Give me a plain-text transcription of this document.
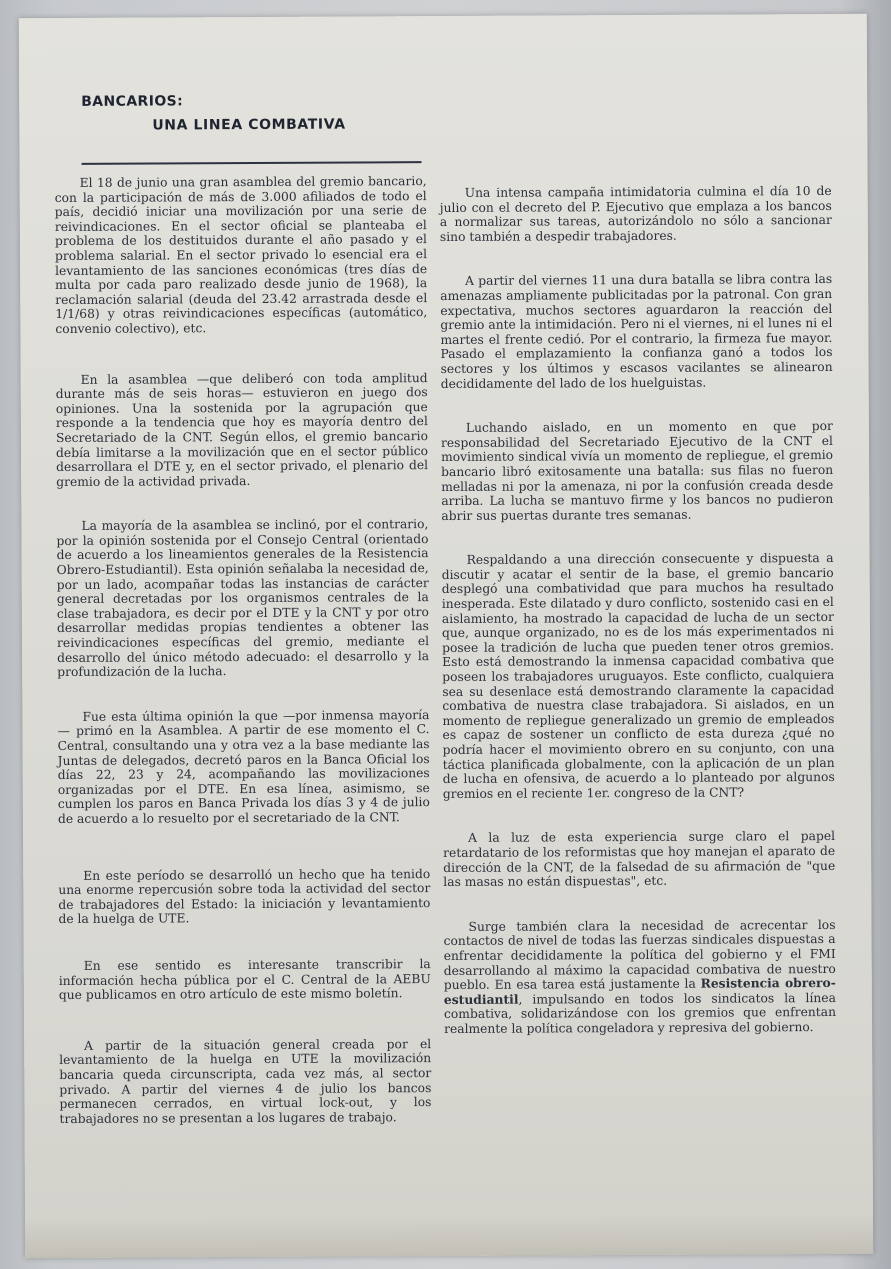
BANCARIOS:
UNA LINEA COMBATIVA

El 18 de junio una gran asamblea del gremio bancario, con la participación de más de 3.000 afiliados de todo el país, decidió iniciar una movilización por una serie de reivindicaciones. En el sector oficial se planteaba el problema de los destituidos durante el año pasado y el problema salarial. En el sector privado lo esencial era el levantamiento de las sanciones económicas (tres días de multa por cada paro realizado desde junio de 1968), la reclamación salarial (deuda del 23.42 arrastrada desde el 1/1/68) y otras reivindicaciones específicas (automático, convenio colectivo), etc.

En la asamblea —que deliberó con toda amplitud durante más de seis horas— estuvieron en juego dos opiniones. Una la sostenida por la agrupación que responde a la tendencia que hoy es mayoría dentro del Secretariado de la CNT. Según ellos, el gremio bancario debía limitarse a la movilización que en el sector público desarrollara el DTE y, en el sector privado, el plenario del gremio de la actividad privada.

La mayoría de la asamblea se inclinó, por el contrario, por la opinión sostenida por el Consejo Central (orientado de acuerdo a los lineamientos generales de la Resistencia Obrero-Estudiantil). Esta opinión señalaba la necesidad de, por un lado, acompañar todas las instancias de carácter general decretadas por los organismos centrales de la clase trabajadora, es decir por el DTE y la CNT y por otro desarrollar medidas propias tendientes a obtener las reivindicaciones específicas del gremio, mediante el desarrollo del único método adecuado: el desarrollo y la profundización de la lucha.

Fue esta última opinión la que —por inmensa mayoría— primó en la Asamblea. A partir de ese momento el C. Central, consultando una y otra vez a la base mediante las Juntas de delegados, decretó paros en la Banca Oficial los días 22, 23 y 24, acompañando las movilizaciones organizadas por el DTE. En esa línea, asimismo, se cumplen los paros en Banca Privada los días 3 y 4 de julio de acuerdo a lo resuelto por el secretariado de la CNT.

En este período se desarrolló un hecho que ha tenido una enorme repercusión sobre toda la actividad del sector de trabajadores del Estado: la iniciación y levantamiento de la huelga de UTE.

En ese sentido es interesante transcribir la información hecha pública por el C. Central de la AEBU que publicamos en otro artículo de este mismo boletín.

A partir de la situación general creada por el levantamiento de la huelga en UTE la movilización bancaria queda circunscripta, cada vez más, al sector privado. A partir del viernes 4 de julio los bancos permanecen cerrados, en virtual lock-out, y los trabajadores no se presentan a los lugares de trabajo.

Una intensa campaña intimidatoria culmina el día 10 de julio con el decreto del P. Ejecutivo que emplaza a los bancos a normalizar sus tareas, autorizándolo no sólo a sancionar sino también a despedir trabajadores.

A partir del viernes 11 una dura batalla se libra contra las amenazas ampliamente publicitadas por la patronal. Con gran expectativa, muchos sectores aguardaron la reacción del gremio ante la intimidación. Pero ni el viernes, ni el lunes ni el martes el frente cedió. Por el contrario, la firmeza fue mayor. Pasado el emplazamiento la confianza ganó a todos los sectores y los últimos y escasos vacilantes se alinearon decididamente del lado de los huelguistas.

Luchando aislado, en un momento en que por responsabilidad del Secretariado Ejecutivo de la CNT el movimiento sindical vivía un momento de repliegue, el gremio bancario libró exitosamente una batalla: sus filas no fueron melladas ni por la amenaza, ni por la confusión creada desde arriba. La lucha se mantuvo firme y los bancos no pudieron abrir sus puertas durante tres semanas.

Respaldando a una dirección consecuente y dispuesta a discutir y acatar el sentir de la base, el gremio bancario desplegó una combatividad que para muchos ha resultado inesperada. Este dilatado y duro conflicto, sostenido casi en el aislamiento, ha mostrado la capacidad de lucha de un sector que, aunque organizado, no es de los más experimentados ni posee la tradición de lucha que pueden tener otros gremios. Esto está demostrando la inmensa capacidad combativa que poseen los trabajadores uruguayos. Este conflicto, cualquiera sea su desenlace está demostrando claramente la capacidad combativa de nuestra clase trabajadora. Si aislados, en un momento de repliegue generalizado un gremio de empleados es capaz de sostener un conflicto de esta dureza ¿qué no podría hacer el movimiento obrero en su conjunto, con una táctica planificada globalmente, con la aplicación de un plan de lucha en ofensiva, de acuerdo a lo planteado por algunos gremios en el reciente 1er. congreso de la CNT?

A la luz de esta experiencia surge claro el papel retardatario de los reformistas que hoy manejan el aparato de dirección de la CNT, de la falsedad de su afirmación de "que las masas no están dispuestas", etc.

Surge también clara la necesidad de acrecentar los contactos de nivel de todas las fuerzas sindicales dispuestas a enfrentar decididamente la política del gobierno y el FMI desarrollando al máximo la capacidad combativa de nuestro pueblo. En esa tarea está justamente la Resistencia obrero-estudiantil, impulsando en todos los sindicatos la línea combativa, solidarizándose con los gremios que enfrentan realmente la política congeladora y represiva del gobierno.
